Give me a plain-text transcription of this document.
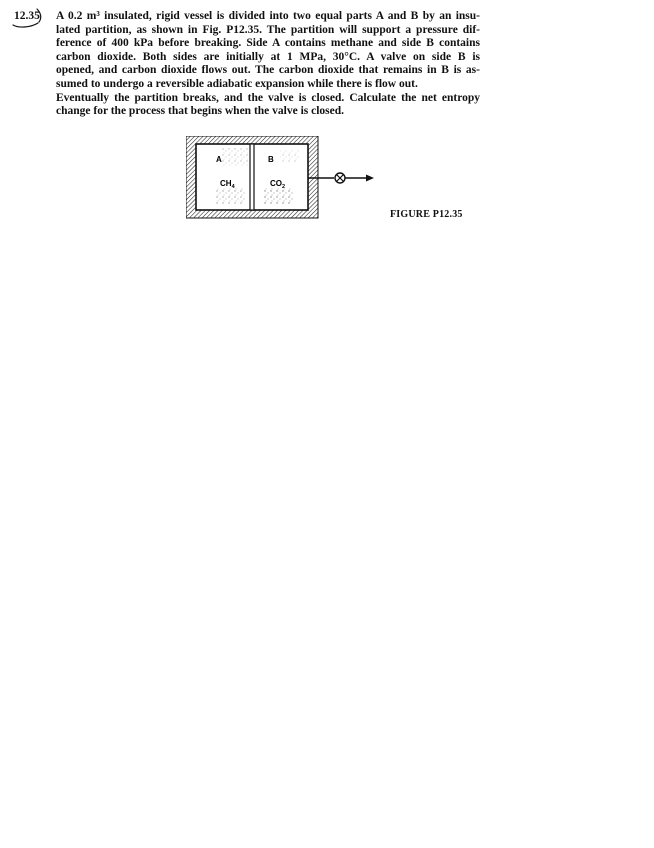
12.35 A 0.2 m³ insulated, rigid vessel is divided into two equal parts A and B by an insu-
lated partition, as shown in Fig. P12.35. The partition will support a pressure dif-
ference of 400 kPa before breaking. Side A contains methane and side B contains
carbon dioxide. Both sides are initially at 1 MPa, 30°C. A valve on side B is
opened, and carbon dioxide flows out. The carbon dioxide that remains in B is as-
sumed to undergo a reversible adiabatic expansion while there is flow out.
Eventually the partition breaks, and the valve is closed. Calculate the net entropy
change for the process that begins when the valve is closed.
A	B
$CH_4$	$CO_2$
FIGURE P12.35
